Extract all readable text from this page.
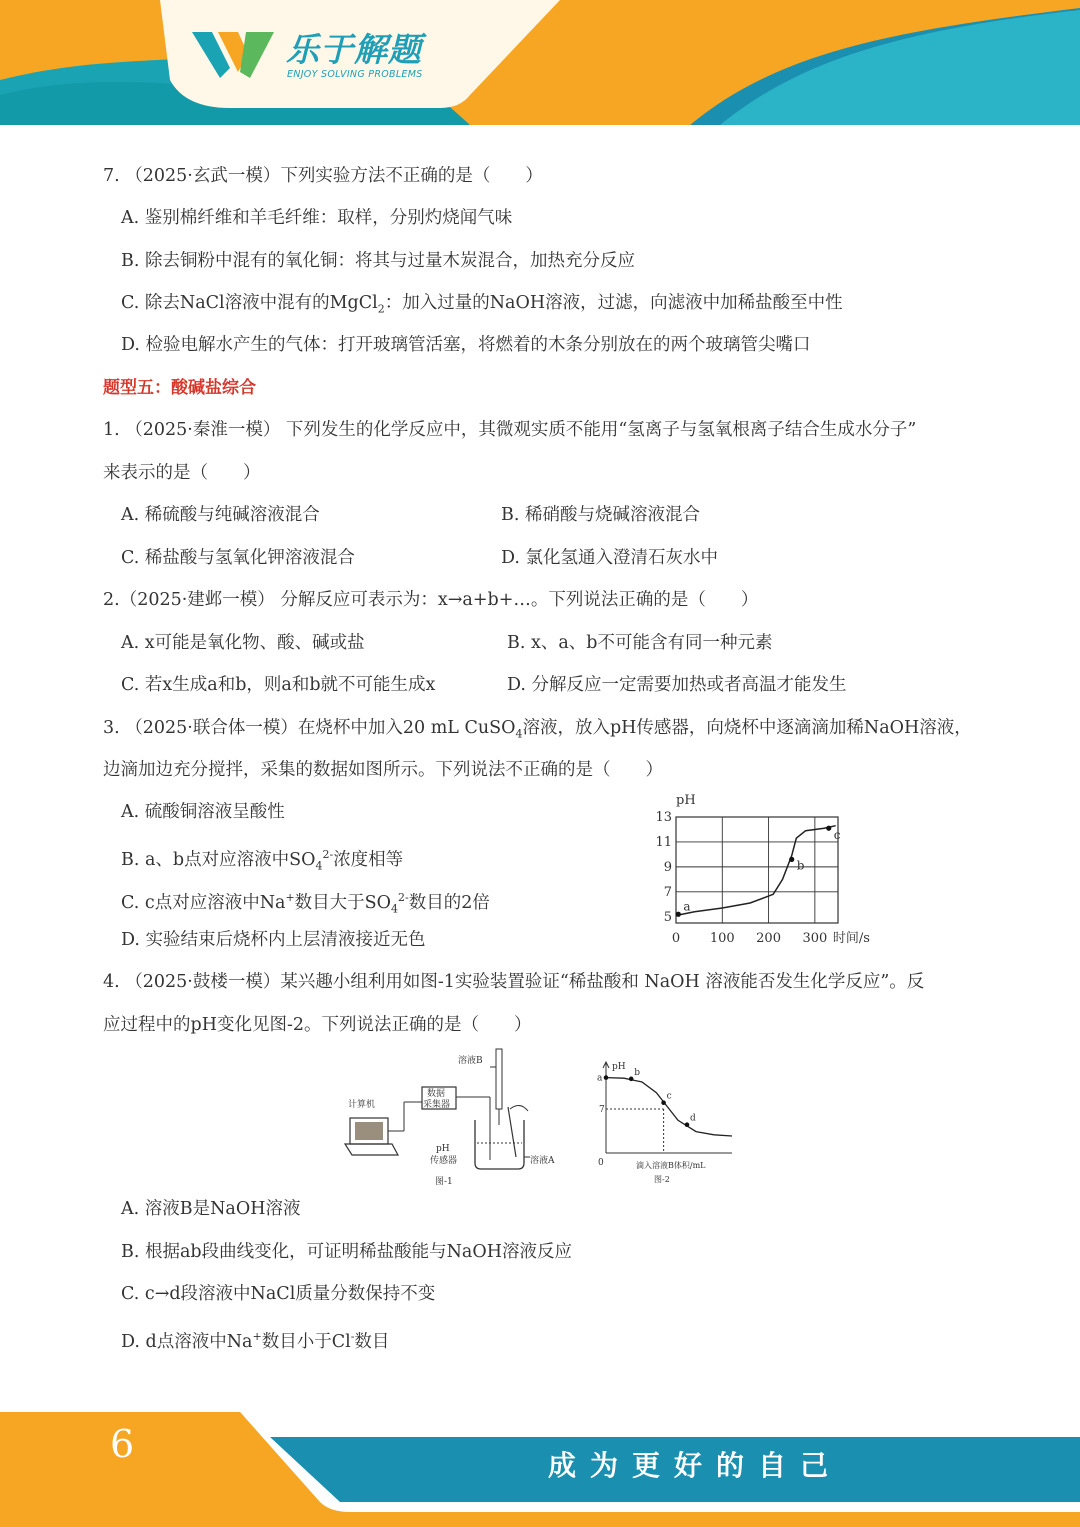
乐于解题
ENJOY SOLVING PROBLEMS
7. （2025·玄武一模）下列实验方法不正确的是（　　）
A. 鉴别棉纤维和羊毛纤维：取样，分别灼烧闻气味
B. 除去铜粉中混有的氧化铜：将其与过量木炭混合，加热充分反应
C. 除去NaCl溶液中混有的MgCl$_2$：加入过量的NaOH溶液，过滤，向滤液中加稀盐酸至中性
D. 检验电解水产生的气体：打开玻璃管活塞，将燃着的木条分别放在的两个玻璃管尖嘴口
题型五：酸碱盐综合
1. （2025·秦淮一模） 下列发生的化学反应中，其微观实质不能用“氢离子与氢氧根离子结合生成水分子”
来表示的是（　　）
A. 稀硫酸与纯碱溶液混合	B. 稀硝酸与烧碱溶液混合
C. 稀盐酸与氢氧化钾溶液混合	D. 氯化氢通入澄清石灰水中
2.（2025·建邺一模） 分解反应可表示为：x→a+b+…。下列说法正确的是（　　）
A. x可能是氧化物、酸、碱或盐	B. x、a、b不可能含有同一种元素
C. 若x生成a和b，则a和b就不可能生成x	D. 分解反应一定需要加热或者高温才能发生
3. （2025·联合体一模）在烧杯中加入20 mL CuSO$_4$溶液，放入pH传感器，向烧杯中逐滴滴加稀NaOH溶液，
边滴加边充分搅拌，采集的数据如图所示。下列说法不正确的是（　　）
A. 硫酸铜溶液呈酸性
B. a、b点对应溶液中$SO_4^{2-}$浓度相等
C. c点对应溶液中Na+数目大于$SO_4^{2-}$数目的2倍
D. 实验结束后烧杯内上层清液接近无色
5
7
9
11
13
0 100 200 300
pH
时间/s
a
b
c
4. （2025·鼓楼一模）某兴趣小组利用如图-1实验装置验证“稀盐酸和 NaOH 溶液能否发生化学反应”。反
应过程中的pH变化见图-2。下列说法正确的是（　　）
溶液B
数据
采集器
计算机
pH
传感器	溶液A
图-1
pH
0
7
滴入溶液B体积/mL
图-2
a
b
c
d
A. 溶液B是NaOH溶液
B. 根据ab段曲线变化，可证明稀盐酸能与NaOH溶液反应
C. c→d段溶液中NaCl质量分数保持不变
D. d点溶液中Na+数目小于Cl-数目
6	成为更好的自己
